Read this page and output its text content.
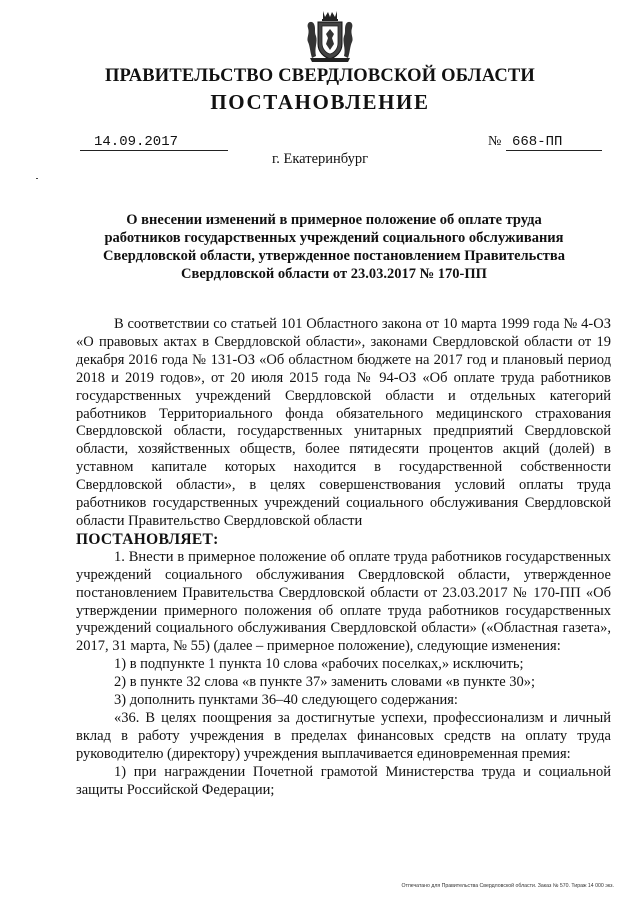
ПРАВИТЕЛЬСТВО СВЕРДЛОВСКОЙ ОБЛАСТИ
ПОСТАНОВЛЕНИЕ
14.09.2017	№ 668-ПП
г. Екатеринбург
О внесении изменений в примерное положение об оплате труда
работников государственных учреждений социального обслуживания
Свердловской области, утвержденное постановлением Правительства
Свердловской области от 23.03.2017 № 170-ПП

В соответствии со статьей 101 Областного закона от 10 марта 1999 года № 4-ОЗ «О правовых актах в Свердловской области», законами Свердловской области от 19 декабря 2016 года № 131-ОЗ «Об областном бюджете на 2017 год и плановый период 2018 и 2019 годов», от 20 июля 2015 года № 94-ОЗ «Об оплате труда работников государственных учреждений Свердловской области и отдельных категорий работников Территориального фонда обязательного медицинского страхования Свердловской области, государственных унитарных предприятий Свердловской области, хозяйственных обществ, более пятидесяти процентов акций (долей) в уставном капитале которых находится в государственной собственности Свердловской области», в целях совершенствования условий оплаты труда работников государственных учреждений социального обслуживания Свердловской области Правительство Свердловской области

ПОСТАНОВЛЯЕТ:

1. Внести в примерное положение об оплате труда работников государственных учреждений социального обслуживания Свердловской области, утвержденное постановлением Правительства Свердловской области от 23.03.2017 № 170-ПП «Об утверждении примерного положения об оплате труда работников государственных учреждений социального обслуживания Свердловской области» («Областная газета», 2017, 31 марта, № 55) (далее – примерное положение), следующие изменения:

1) в подпункте 1 пункта 10 слова «рабочих поселках,» исключить;

2) в пункте 32 слова «в пункте 37» заменить словами «в пункте 30»;

3) дополнить пунктами 36–40 следующего содержания:

«36. В целях поощрения за достигнутые успехи, профессионализм и личный вклад в работу учреждения в пределах финансовых средств на оплату труда руководителю (директору) учреждения выплачивается единовременная премия:

1) при награждении Почетной грамотой Министерства труда и социальной защиты Российской Федерации;

Отпечатано для Правительства Свердловской области. Заказ № 570. Тираж 14 000 экз.
